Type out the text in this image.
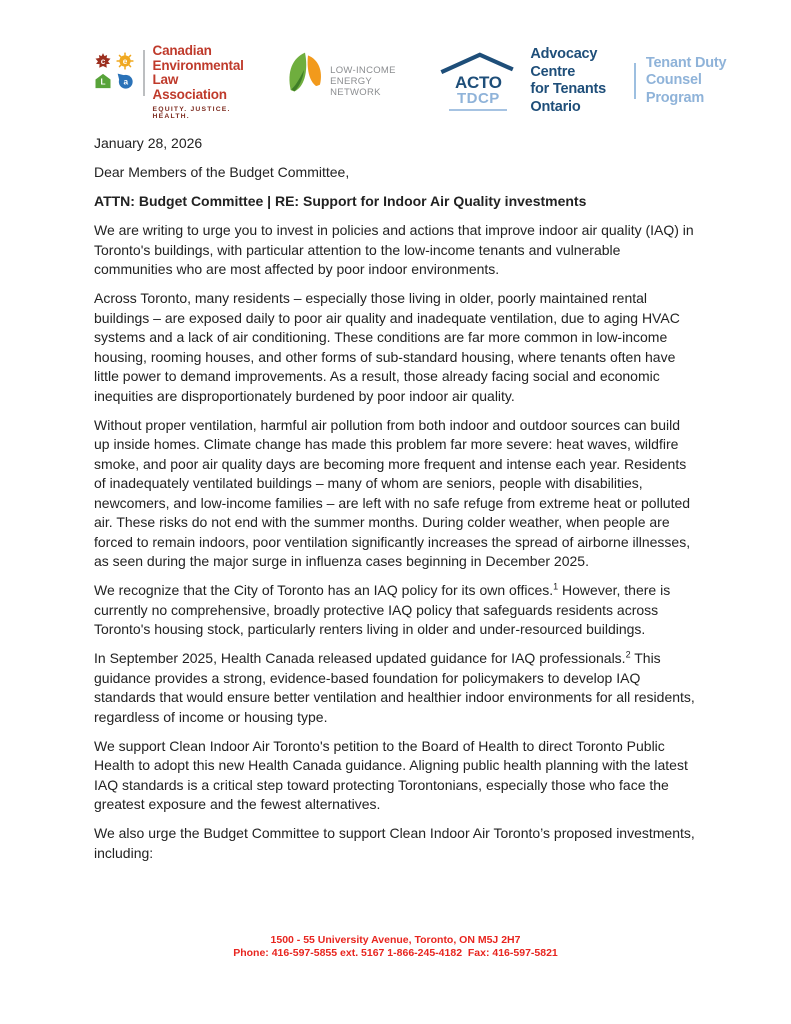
c e
L a
Canadian
Environmental Law
Association
EQUITY. JUSTICE. HEALTH.
LOW-INCOME
ENERGY NETWORK
ACTO
TDCP
Advocacy Centre
for Tenants Ontario
Tenant Duty
Counsel Program

January 28, 2026

Dear Members of the Budget Committee,

ATTN: Budget Committee | RE: Support for Indoor Air Quality investments

We are writing to urge you to invest in policies and actions that improve indoor air quality (IAQ) in Toronto's buildings, with particular attention to the low-income tenants and vulnerable communities who are most affected by poor indoor environments.

Across Toronto, many residents – especially those living in older, poorly maintained rental buildings – are exposed daily to poor air quality and inadequate ventilation, due to aging HVAC systems and a lack of air conditioning. These conditions are far more common in low-income housing, rooming houses, and other forms of sub-standard housing, where tenants often have little power to demand improvements. As a result, those already facing social and economic inequities are disproportionately burdened by poor indoor air quality.

Without proper ventilation, harmful air pollution from both indoor and outdoor sources can build up inside homes. Climate change has made this problem far more severe: heat waves, wildfire smoke, and poor air quality days are becoming more frequent and intense each year. Residents of inadequately ventilated buildings – many of whom are seniors, people with disabilities, newcomers, and low-income families – are left with no safe refuge from extreme heat or polluted air. These risks do not end with the summer months. During colder weather, when people are forced to remain indoors, poor ventilation significantly increases the spread of airborne illnesses, as seen during the major surge in influenza cases beginning in December 2025.

We recognize that the City of Toronto has an IAQ policy for its own offices.$^1$ However, there is currently no comprehensive, broadly protective IAQ policy that safeguards residents across Toronto's housing stock, particularly renters living in older and under-resourced buildings.

In September 2025, Health Canada released updated guidance for IAQ professionals.$^2$ This guidance provides a strong, evidence-based foundation for policymakers to develop IAQ standards that would ensure better ventilation and healthier indoor environments for all residents, regardless of income or housing type.

We support Clean Indoor Air Toronto's petition to the Board of Health to direct Toronto Public Health to adopt this new Health Canada guidance. Aligning public health planning with the latest IAQ standards is a critical step toward protecting Torontonians, especially those who face the greatest exposure and the fewest alternatives.

We also urge the Budget Committee to support Clean Indoor Air Toronto’s proposed investments, including:

1500 - 55 University Avenue, Toronto, ON M5J 2H7
Phone: 416-597-5855 ext. 5167 1-866-245-4182  Fax: 416-597-5821
